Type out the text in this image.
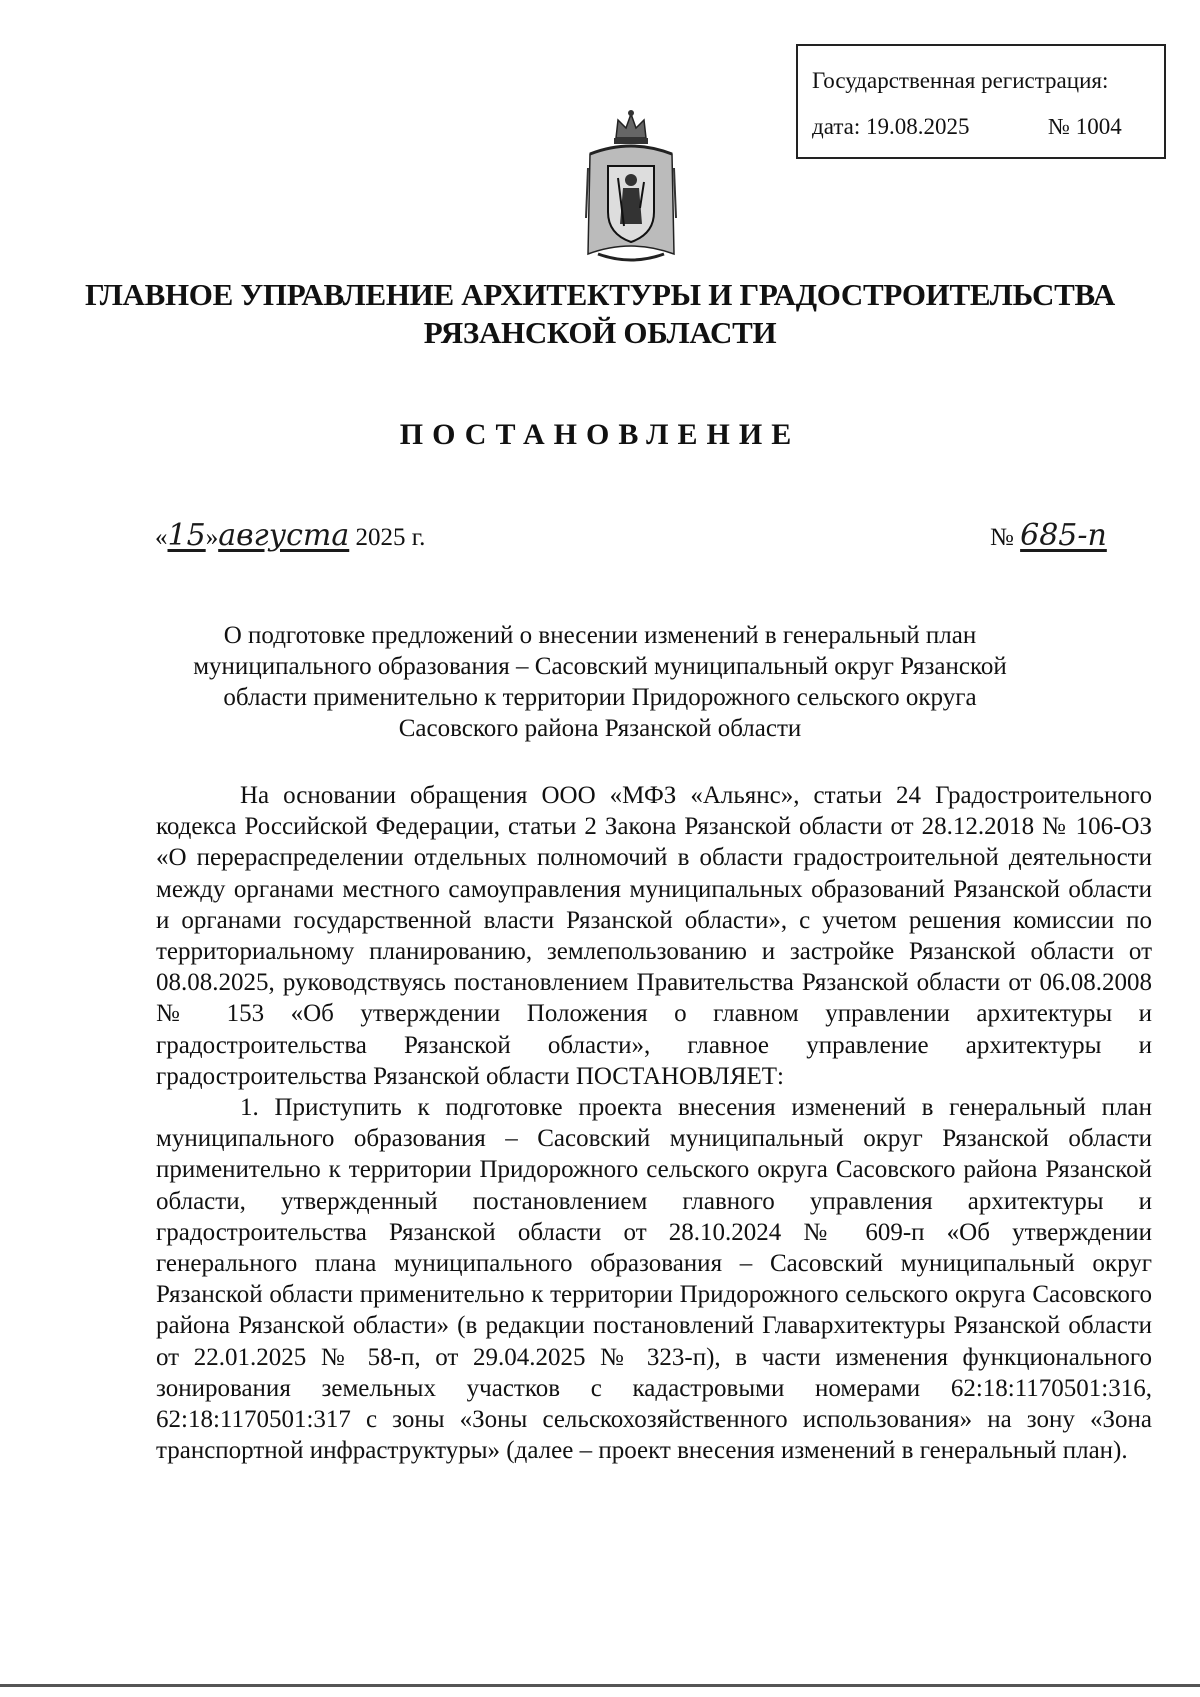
Государственная регистрация:
дата: 19.08.2025	№ 1004
ГЛАВНОЕ УПРАВЛЕНИЕ АРХИТЕКТУРЫ И ГРАДОСТРОИТЕЛЬСТВА
РЯЗАНСКОЙ ОБЛАСТИ
ПОСТАНОВЛЕНИЕ
«15»августа 2025 г.	№ 685-п
О подготовке предложений о внесении изменений в генеральный план муниципального образования – Сасовский муниципальный округ Рязанской области применительно к территории Придорожного сельского округа Сасовского района Рязанской области

На основании обращения ООО «МФЗ «Альянс», статьи 24 Градостроительного кодекса Российской Федерации, статьи 2 Закона Рязанской области от 28.12.2018 № 106-ОЗ «О перераспределении отдельных полномочий в области градостроительной деятельности между органами местного самоуправления муниципальных образований Рязанской области и органами государственной власти Рязанской области», с учетом решения комиссии по территориальному планированию, землепользованию и застройке Рязанской области от 08.08.2025, руководствуясь постановлением Правительства Рязанской области от 06.08.2008 № 153 «Об утверждении Положения о главном управлении архитектуры и градостроительства Рязанской области», главное управление архитектуры и градостроительства Рязанской области ПОСТАНОВЛЯЕТ:

1. Приступить к подготовке проекта внесения изменений в генеральный план муниципального образования – Сасовский муниципальный округ Рязанской области применительно к территории Придорожного сельского округа Сасовского района Рязанской области, утвержденный постановлением главного управления архитектуры и градостроительства Рязанской области от 28.10.2024 № 609-п «Об утверждении генерального плана муниципального образования – Сасовский муниципальный округ Рязанской области применительно к территории Придорожного сельского округа Сасовского района Рязанской области» (в редакции постановлений Главархитектуры Рязанской области от 22.01.2025 № 58-п, от 29.04.2025 № 323-п), в части изменения функционального зонирования земельных участков с кадастровыми номерами 62:18:1170501:316, 62:18:1170501:317 с зоны «Зоны сельскохозяйственного использования» на зону «Зона транспортной инфраструктуры» (далее – проект внесения изменений в генеральный план).
